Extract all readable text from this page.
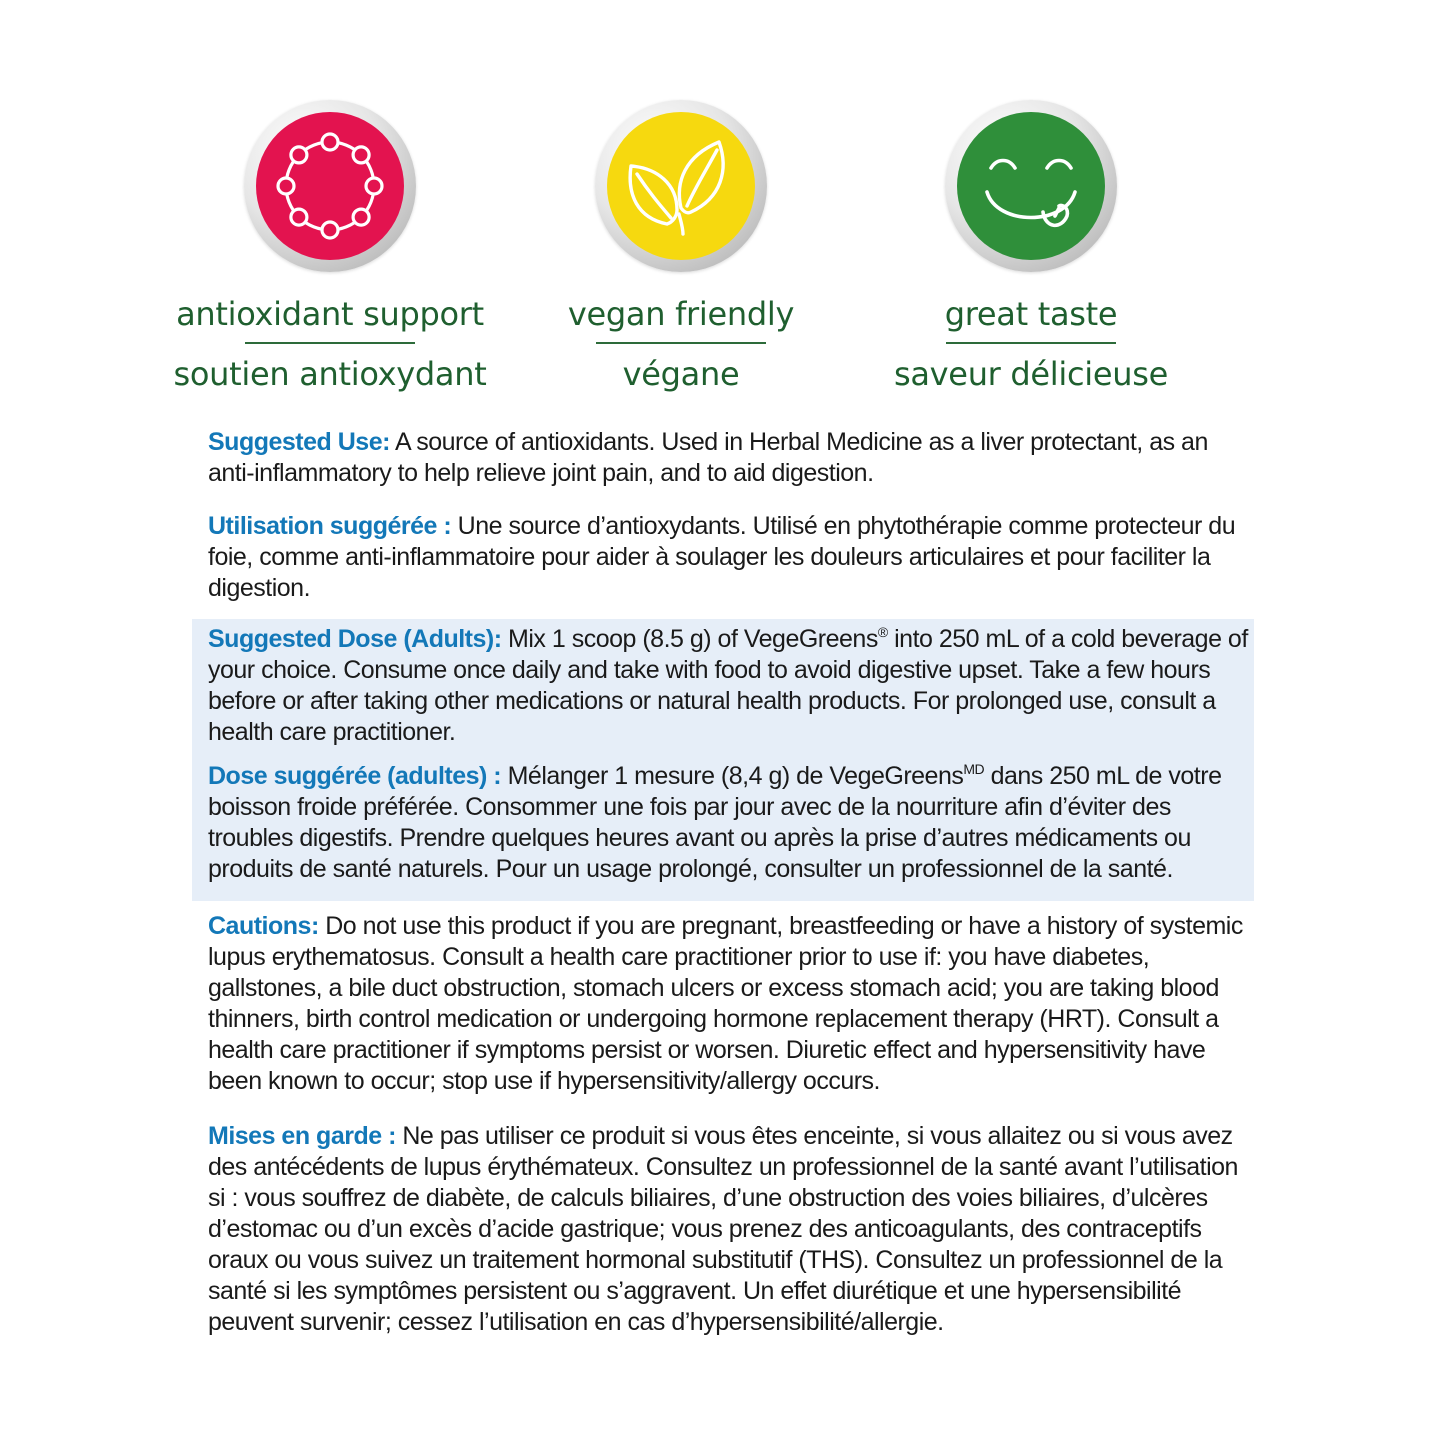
antioxidant support
soutien antioxydant
vegan friendly
végane
great taste
saveur délicieuse
Suggested Use: A source of antioxidants. Used in Herbal Medicine as a liver protectant, as an anti-inflammatory to help relieve joint pain, and to aid digestion.
Utilisation suggérée : Une source d’antioxydants. Utilisé en phytothérapie comme protecteur du foie, comme anti-inflammatoire pour aider à soulager les douleurs articulaires et pour faciliter la digestion.
Suggested Dose (Adults): Mix 1 scoop (8.5 g) of VegeGreens® into 250 mL of a cold beverage of your choice. Consume once daily and take with food to avoid digestive upset. Take a few hours before or after taking other medications or natural health products. For prolonged use, consult a health care practitioner.
Dose suggérée (adultes) : Mélanger 1 mesure (8,4 g) de VegeGreens$^{MD}$ dans 250 mL de votre boisson froide préférée. Consommer une fois par jour avec de la nourriture afin d’éviter des troubles digestifs. Prendre quelques heures avant ou après la prise d’autres médicaments ou produits de santé naturels. Pour un usage prolongé, consulter un professionnel de la santé.
Cautions: Do not use this product if you are pregnant, breastfeeding or have a history of systemic lupus erythematosus. Consult a health care practitioner prior to use if: you have diabetes, gallstones, a bile duct obstruction, stomach ulcers or excess stomach acid; you are taking blood thinners, birth control medication or undergoing hormone replacement therapy (HRT). Consult a health care practitioner if symptoms persist or worsen. Diuretic effect and hypersensitivity have been known to occur; stop use if hypersensitivity/allergy occurs.
Mises en garde : Ne pas utiliser ce produit si vous êtes enceinte, si vous allaitez ou si vous avez des antécédents de lupus érythémateux. Consultez un professionnel de la santé avant l’utilisation si : vous souffrez de diabète, de calculs biliaires, d’une obstruction des voies biliaires, d’ulcères d’estomac ou d’un excès d’acide gastrique; vous prenez des anticoagulants, des contraceptifs oraux ou vous suivez un traitement hormonal substitutif (THS). Consultez un professionnel de la santé si les symptômes persistent ou s’aggravent. Un effet diurétique et une hypersensibilité peuvent survenir; cessez l’utilisation en cas d’hypersensibilité/allergie.
